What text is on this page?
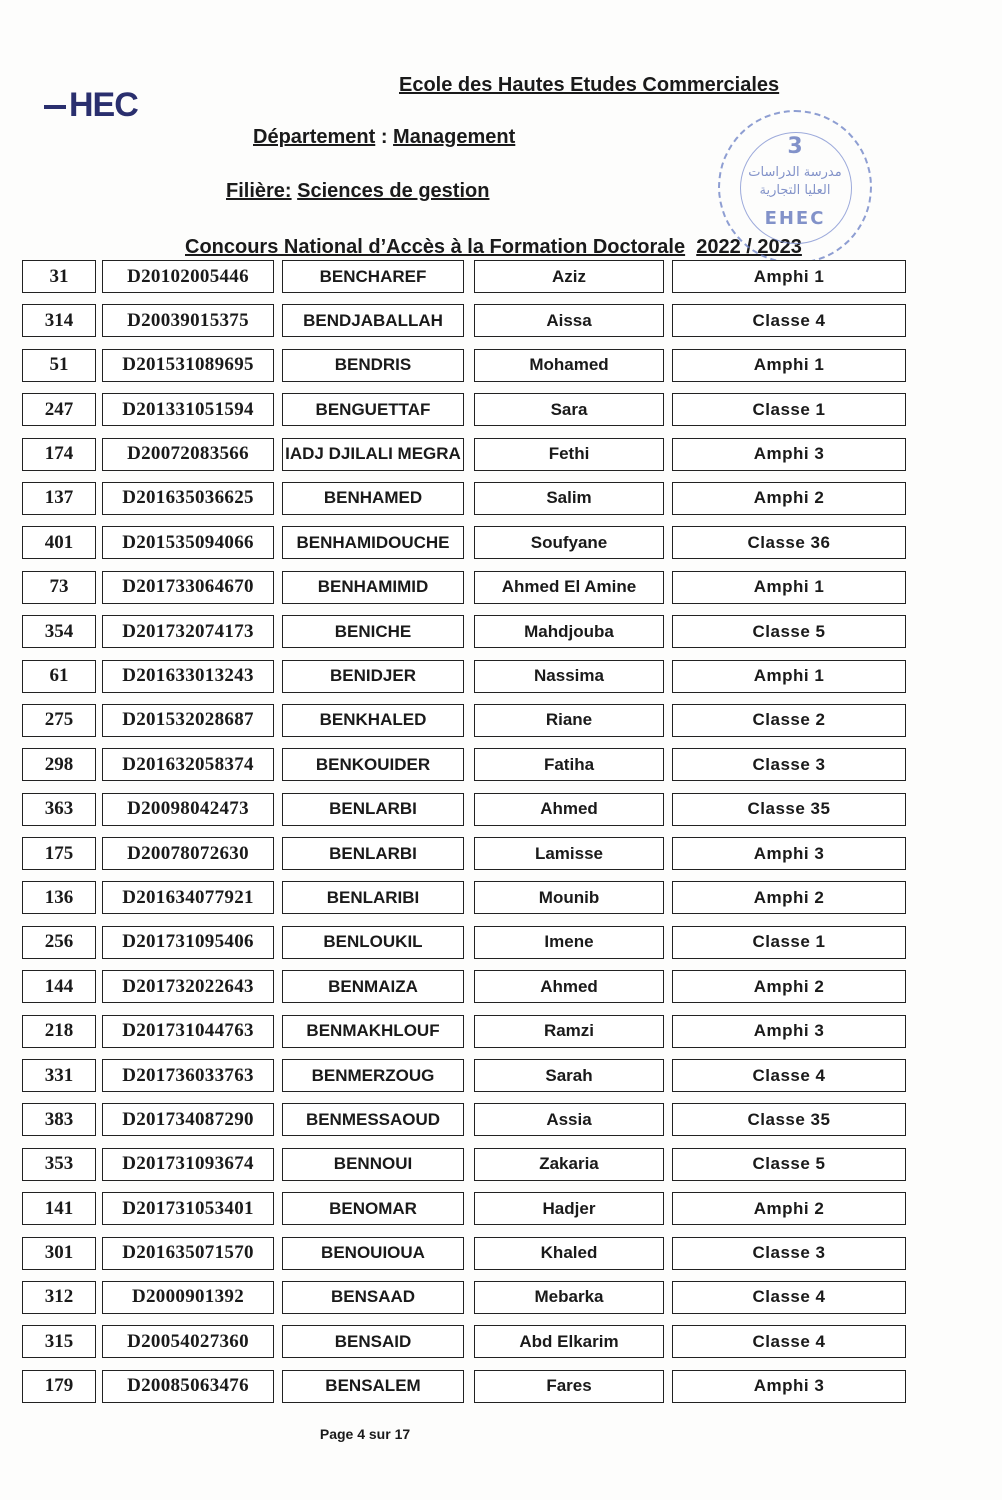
HEC
Ecole des Hautes Etudes Commerciales
Département : Management
Filière: Sciences de gestion
Concours National d’Accès à la Formation Doctorale 2022 / 2023
3
مدرسة الدراسات
العليا التجارية
EHEC
31	D20102005446	BENCHAREF	Aziz	Amphi 1
314	D20039015375	BENDJABALLAH	Aissa	Classe 4
51	D201531089695	BENDRIS	Mohamed	Amphi 1
247	D201331051594	BENGUETTAF	Sara	Classe 1
174	D20072083566	IADJ DJILALI MEGRA	Fethi	Amphi 3
137	D201635036625	BENHAMED	Salim	Amphi 2
401	D201535094066	BENHAMIDOUCHE	Soufyane	Classe 36
73	D201733064670	BENHAMIMID	Ahmed El Amine	Amphi 1
354	D201732074173	BENICHE	Mahdjouba	Classe 5
61	D201633013243	BENIDJER	Nassima	Amphi 1
275	D201532028687	BENKHALED	Riane	Classe 2
298	D201632058374	BENKOUIDER	Fatiha	Classe 3
363	D20098042473	BENLARBI	Ahmed	Classe 35
175	D20078072630	BENLARBI	Lamisse	Amphi 3
136	D201634077921	BENLARIBI	Mounib	Amphi 2
256	D201731095406	BENLOUKIL	Imene	Classe 1
144	D201732022643	BENMAIZA	Ahmed	Amphi 2
218	D201731044763	BENMAKHLOUF	Ramzi	Amphi 3
331	D201736033763	BENMERZOUG	Sarah	Classe 4
383	D201734087290	BENMESSAOUD	Assia	Classe 35
353	D201731093674	BENNOUI	Zakaria	Classe 5
141	D201731053401	BENOMAR	Hadjer	Amphi 2
301	D201635071570	BENOUIOUA	Khaled	Classe 3
312	D2000901392	BENSAAD	Mebarka	Classe 4
315	D20054027360	BENSAID	Abd Elkarim	Classe 4
179	D20085063476	BENSALEM	Fares	Amphi 3
Page 4 sur 17
